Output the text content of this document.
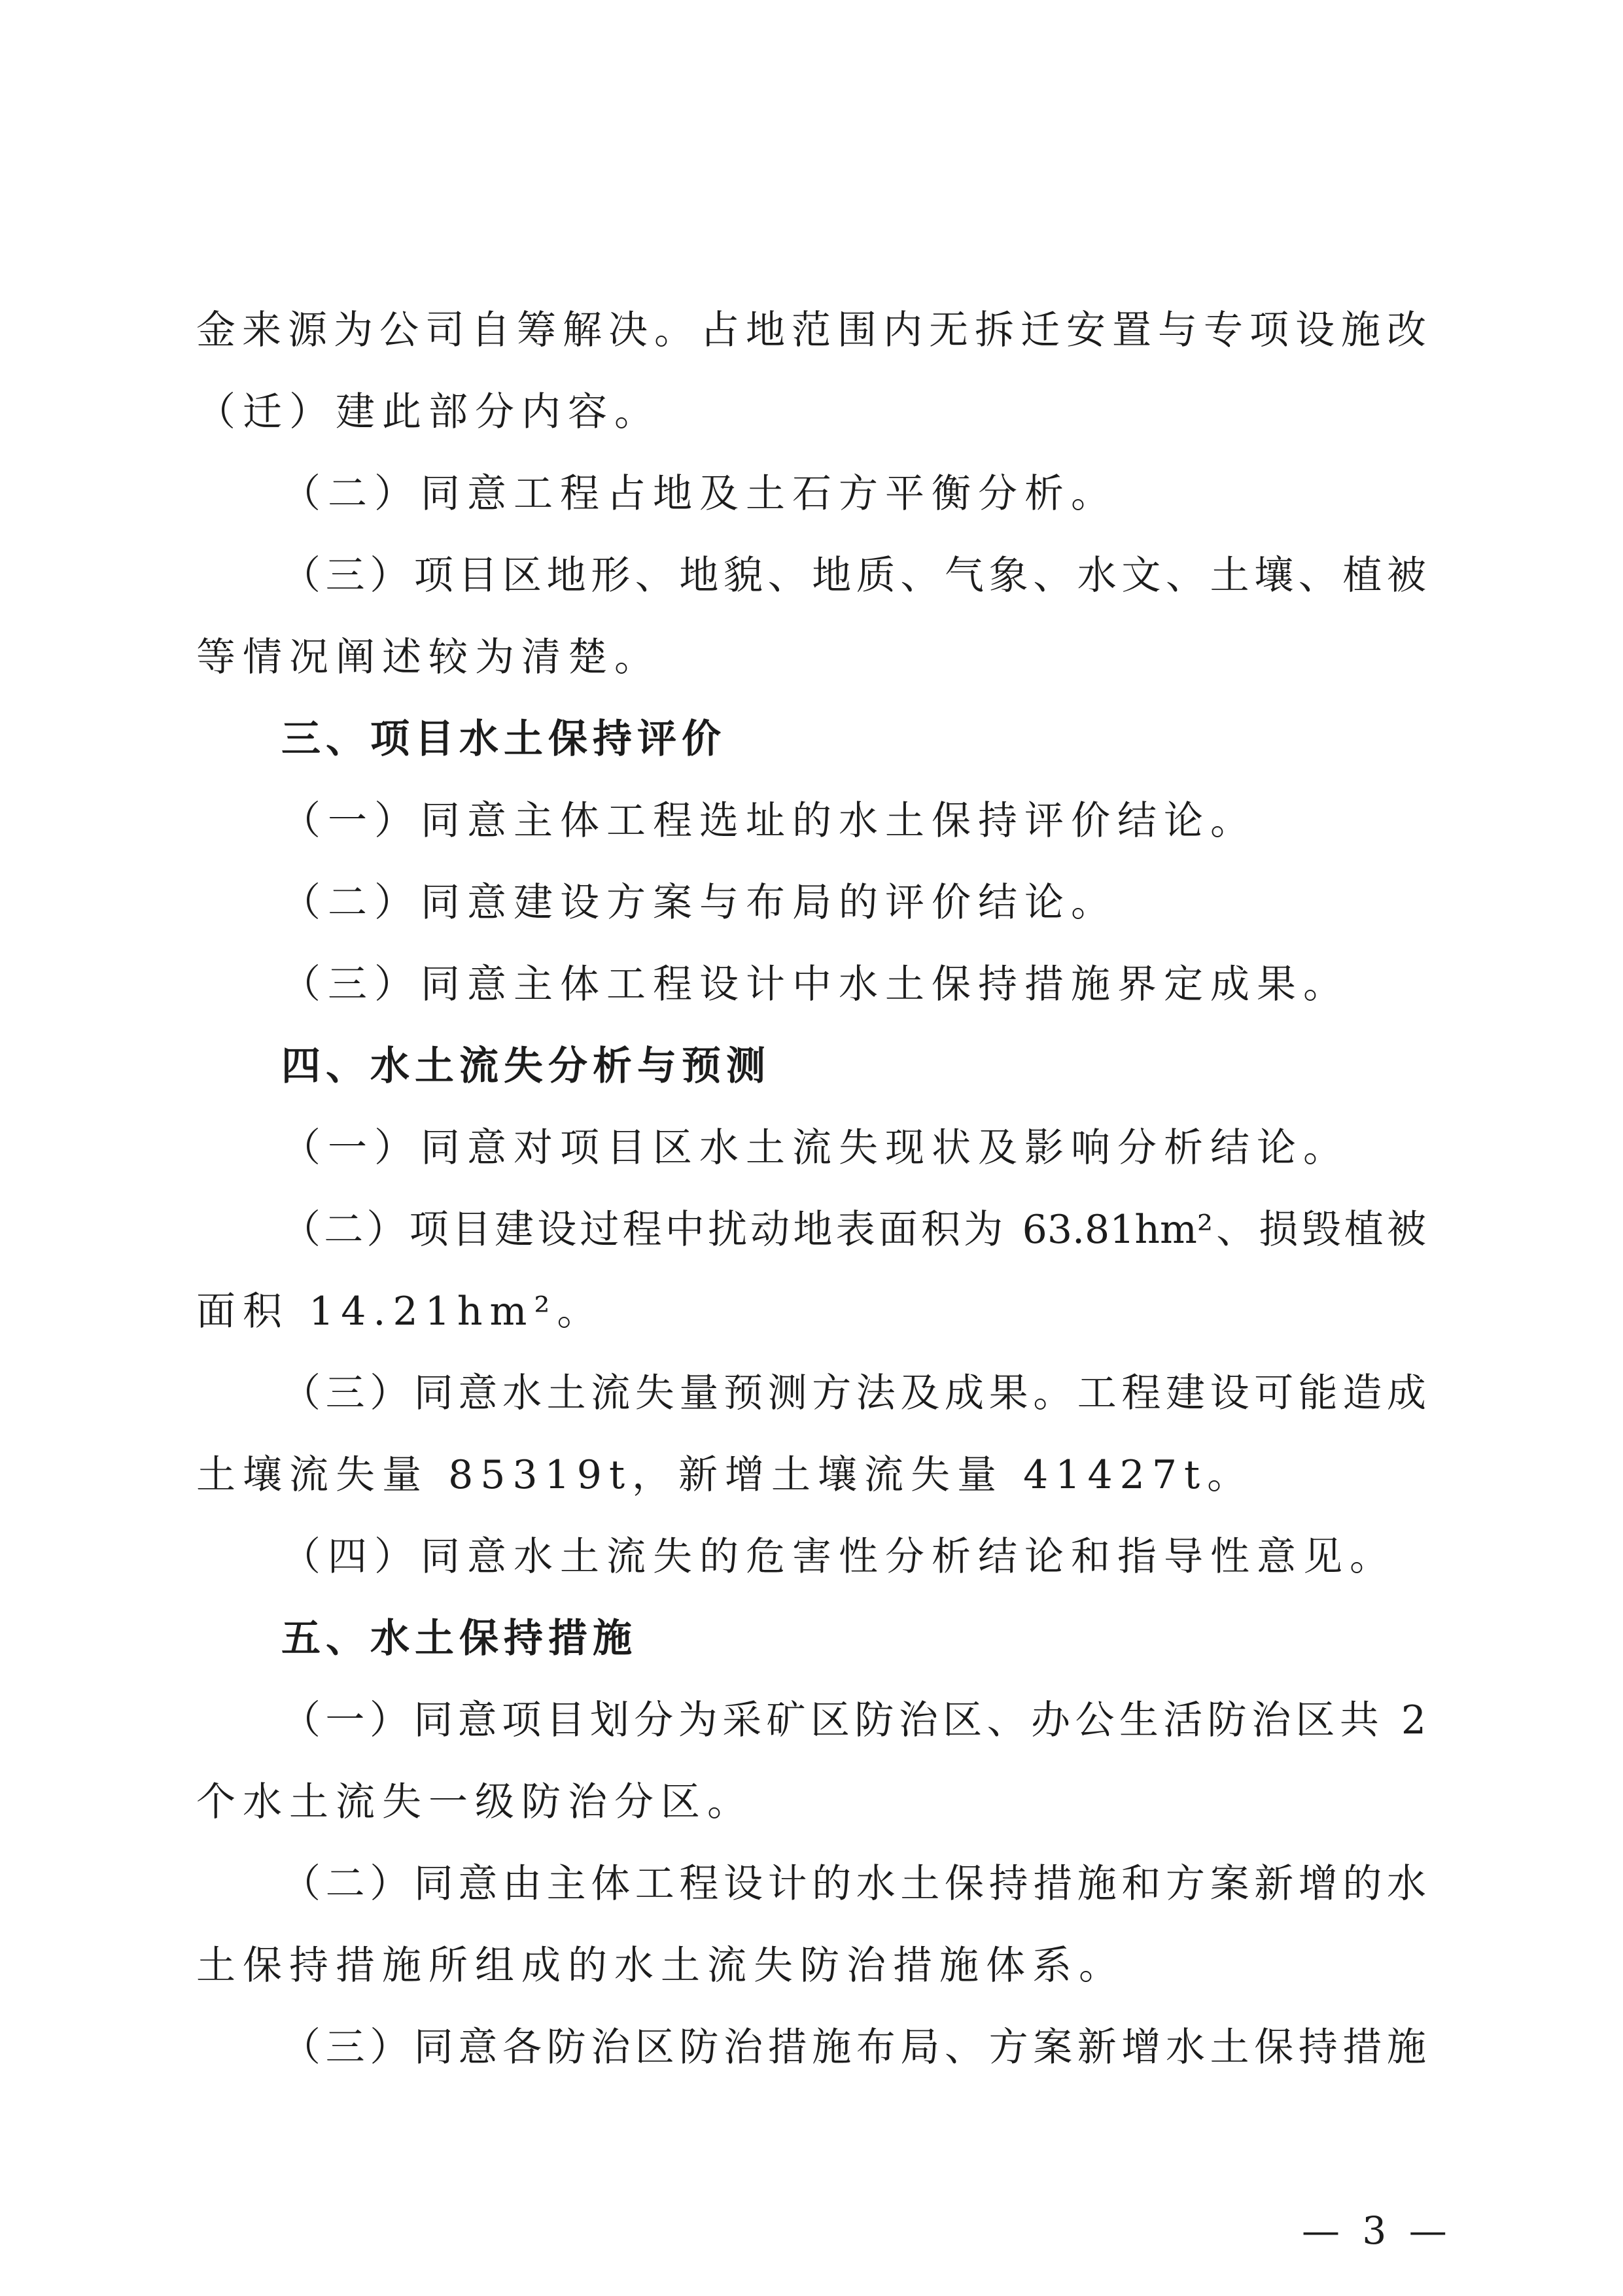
金来源为公司自筹解决。占地范围内无拆迁安置与专项设施改
（迁）建此部分内容。
（二）同意工程占地及土石方平衡分析。
（三）项目区地形、地貌、地质、气象、水文、土壤、植被
等情况阐述较为清楚。
三、项目水土保持评价
（一）同意主体工程选址的水土保持评价结论。
（二）同意建设方案与布局的评价结论。
（三）同意主体工程设计中水土保持措施界定成果。
四、水土流失分析与预测
（一）同意对项目区水土流失现状及影响分析结论。
（二）项目建设过程中扰动地表面积为 63.81hm²、损毁植被
面积 14.21hm²。
（三）同意水土流失量预测方法及成果。工程建设可能造成
土壤流失量 85319t，新增土壤流失量 41427t。
（四）同意水土流失的危害性分析结论和指导性意见。
五、水土保持措施
（一）同意项目划分为采矿区防治区、办公生活防治区共 2
个水土流失一级防治分区。
（二）同意由主体工程设计的水土保持措施和方案新增的水
土保持措施所组成的水土流失防治措施体系。
（三）同意各防治区防治措施布局、方案新增水土保持措施
— 3 —
